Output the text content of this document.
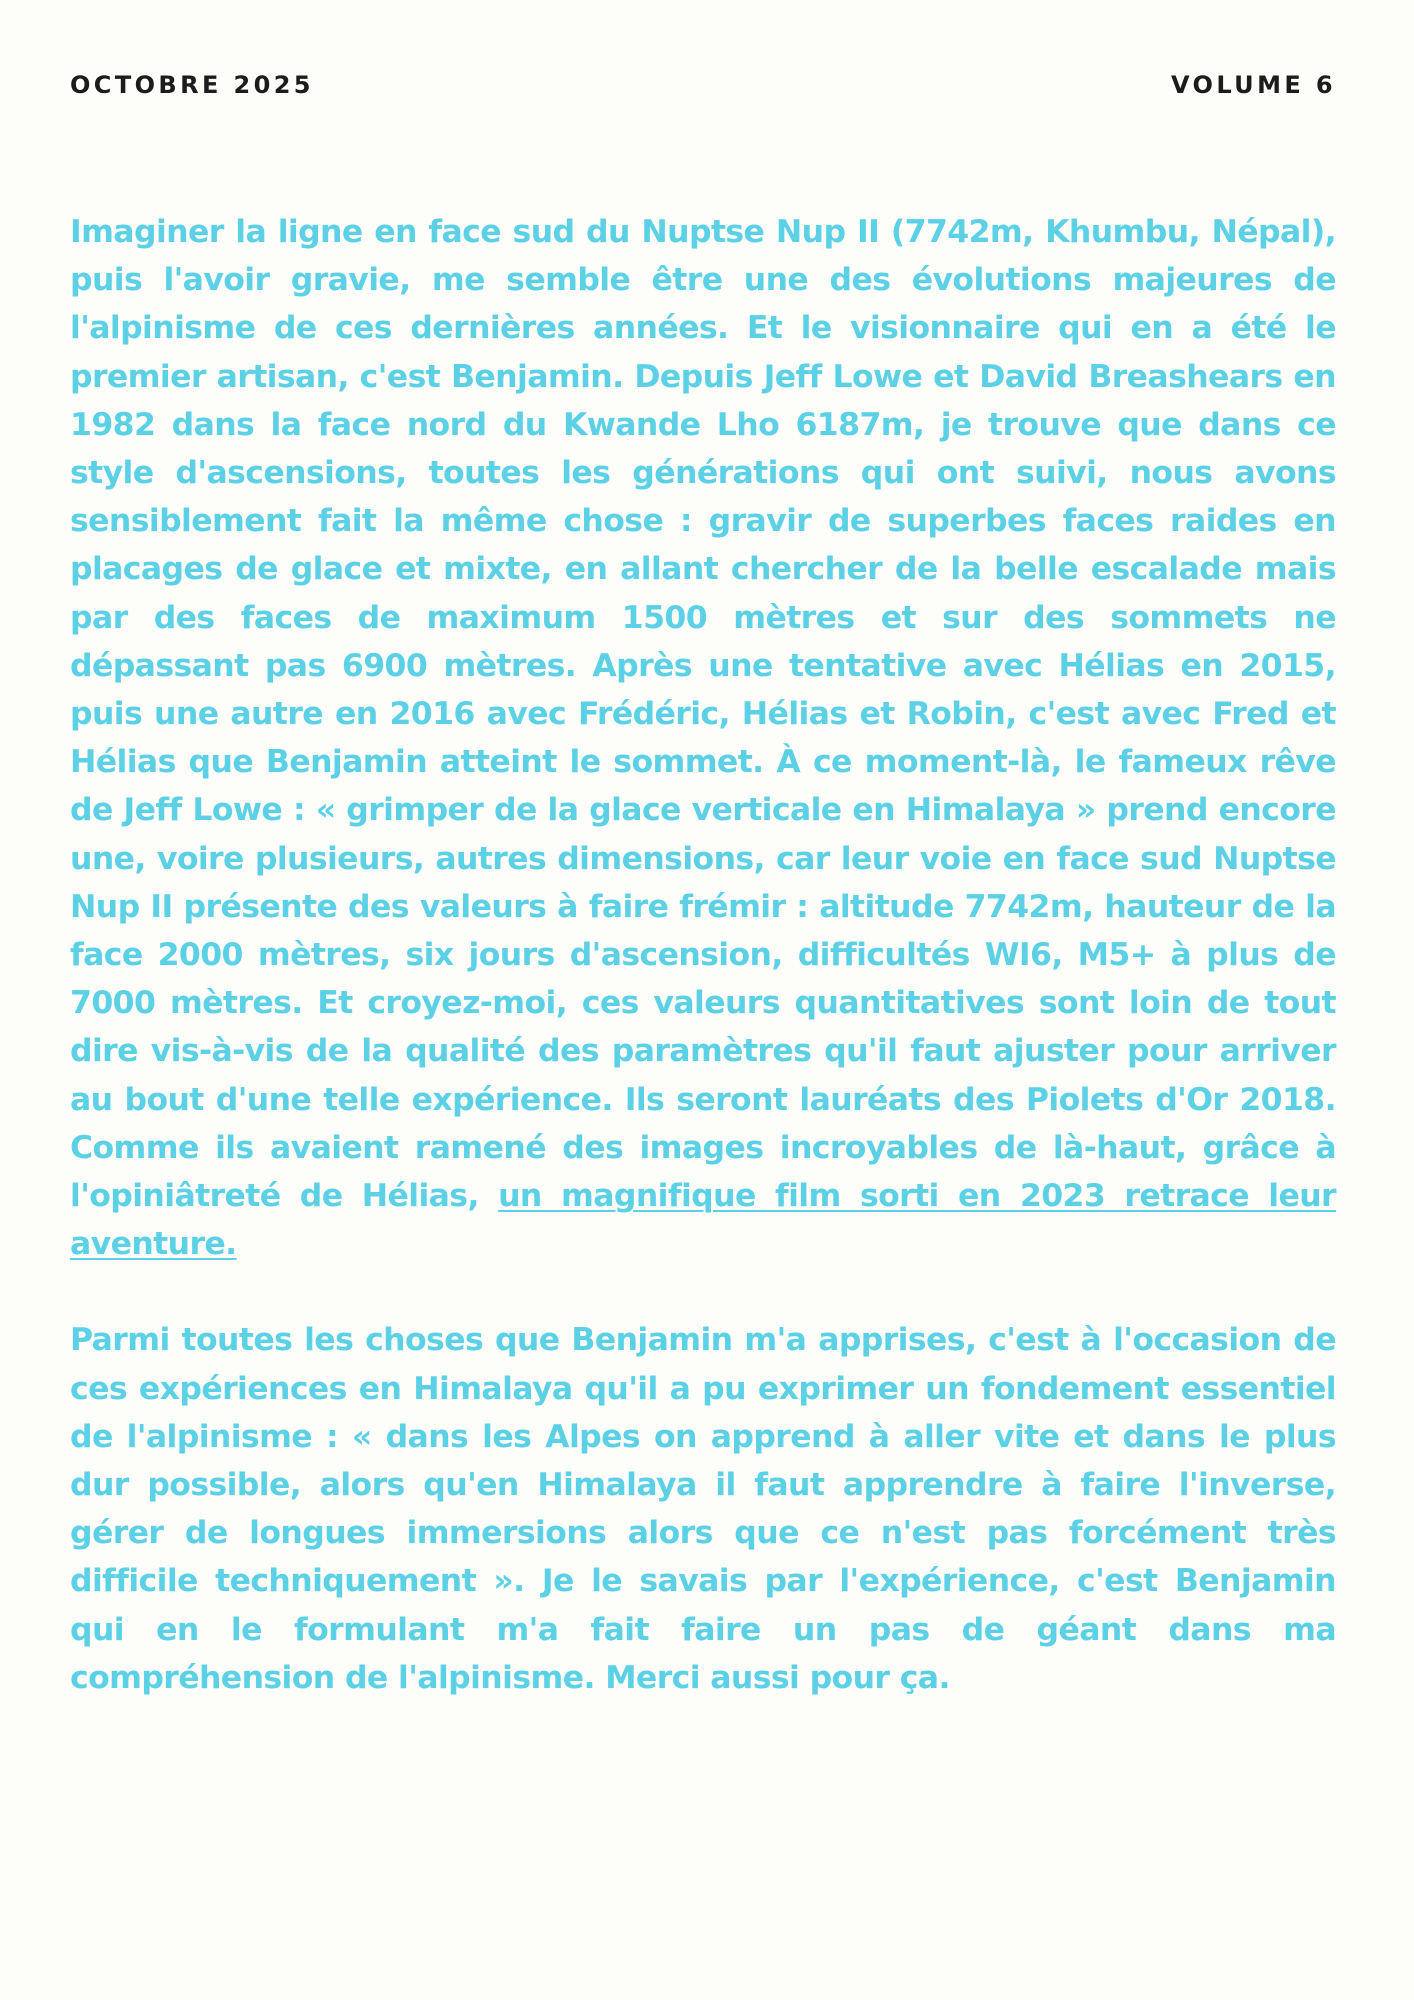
OCTOBRE 2025	VOLUME 6

Imaginer la ligne en face sud du Nuptse Nup II (7742m, Khumbu, Népal), puis l'avoir gravie, me semble être une des évolutions majeures de l'alpinisme de ces dernières années. Et le visionnaire qui en a été le premier artisan, c'est Benjamin. Depuis Jeff Lowe et David Breashears en 1982 dans la face nord du Kwande Lho 6187m, je trouve que dans ce style d'ascensions, toutes les générations qui ont suivi, nous avons sensiblement fait la même chose : gravir de superbes faces raides en placages de glace et mixte, en allant chercher de la belle escalade mais par des faces de maximum 1500 mètres et sur des sommets ne dépassant pas 6900 mètres. Après une tentative avec Hélias en 2015, puis une autre en 2016 avec Frédéric, Hélias et Robin, c'est avec Fred et Hélias que Benjamin atteint le sommet. À ce moment-là, le fameux rêve de Jeff Lowe : « grimper de la glace verticale en Himalaya » prend encore une, voire plusieurs, autres dimensions, car leur voie en face sud Nuptse Nup II présente des valeurs à faire frémir : altitude 7742m, hauteur de la face 2000 mètres, six jours d'ascension, difficultés WI6, M5+ à plus de 7000 mètres. Et croyez-moi, ces valeurs quantitatives sont loin de tout dire vis-à-vis de la qualité des paramètres qu'il faut ajuster pour arriver au bout d'une telle expérience. Ils seront lauréats des Piolets d'Or 2018. Comme ils avaient ramené des images incroyables de là-haut, grâce à l'opiniâtreté de Hélias, un magnifique film sorti en 2023 retrace leur aventure.

Parmi toutes les choses que Benjamin m'a apprises, c'est à l'occasion de ces expériences en Himalaya qu'il a pu exprimer un fondement essentiel de l'alpinisme : « dans les Alpes on apprend à aller vite et dans le plus dur possible, alors qu'en Himalaya il faut apprendre à faire l'inverse, gérer de longues immersions alors que ce n'est pas forcément très difficile techniquement ». Je le savais par l'expérience, c'est Benjamin qui en le formulant m'a fait faire un pas de géant dans ma compréhension de l'alpinisme. Merci aussi pour ça.
